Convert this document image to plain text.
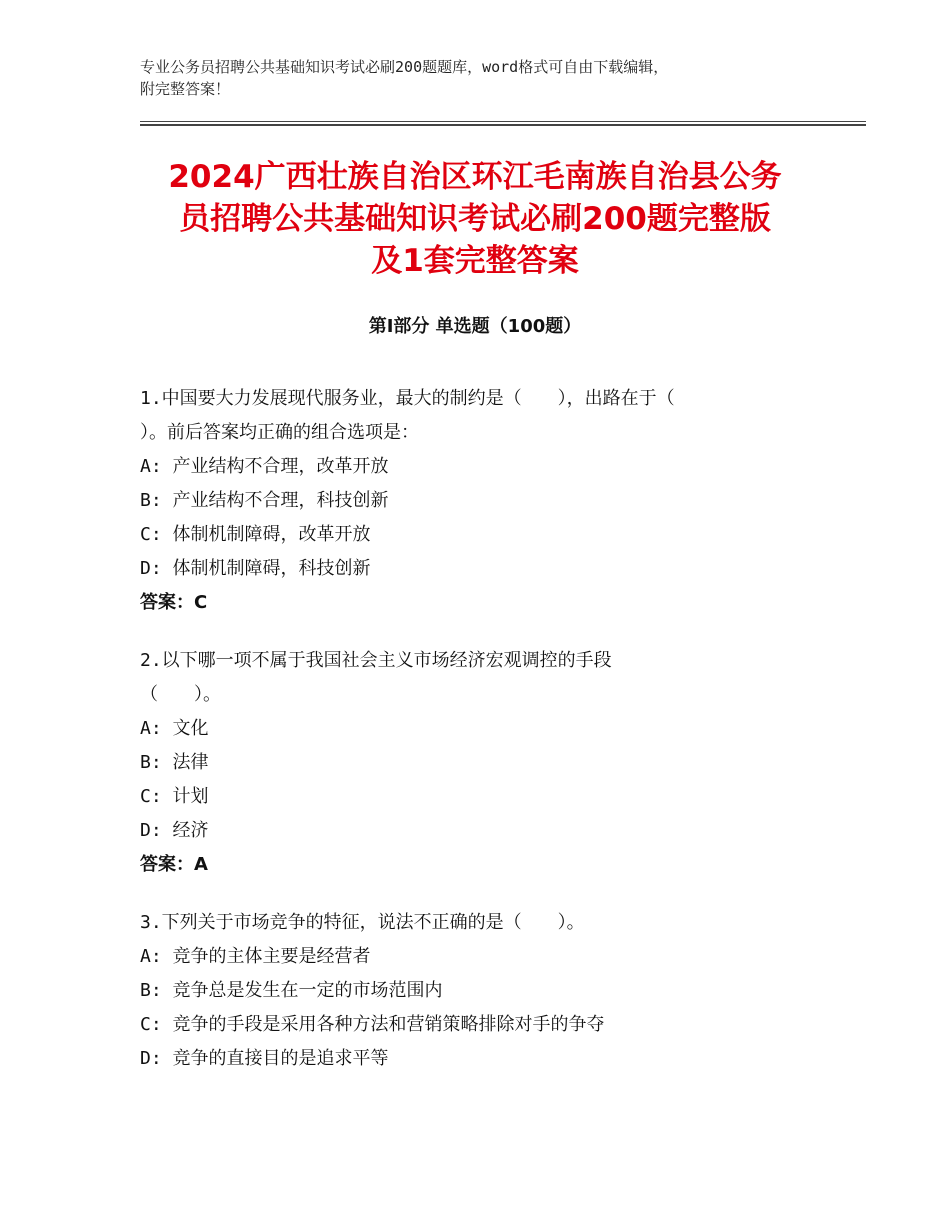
专业公务员招聘公共基础知识考试必刷200题题库，word格式可自由下载编辑，
附完整答案！
2024广西壮族自治区环江毛南族自治县公务
员招聘公共基础知识考试必刷200题完整版
及1套完整答案
第I部分 单选题（100题）
1.中国要大力发展现代服务业，最大的制约是（　　），出路在于（
）。前后答案均正确的组合选项是：
A: 产业结构不合理，改革开放
B: 产业结构不合理，科技创新
C: 体制机制障碍，改革开放
D: 体制机制障碍，科技创新
答案：C
2.以下哪一项不属于我国社会主义市场经济宏观调控的手段
（　　）。
A: 文化
B: 法律
C: 计划
D: 经济
答案：A
3.下列关于市场竞争的特征，说法不正确的是（　　）。
A: 竞争的主体主要是经营者
B: 竞争总是发生在一定的市场范围内
C: 竞争的手段是采用各种方法和营销策略排除对手的争夺
D: 竞争的直接目的是追求平等
